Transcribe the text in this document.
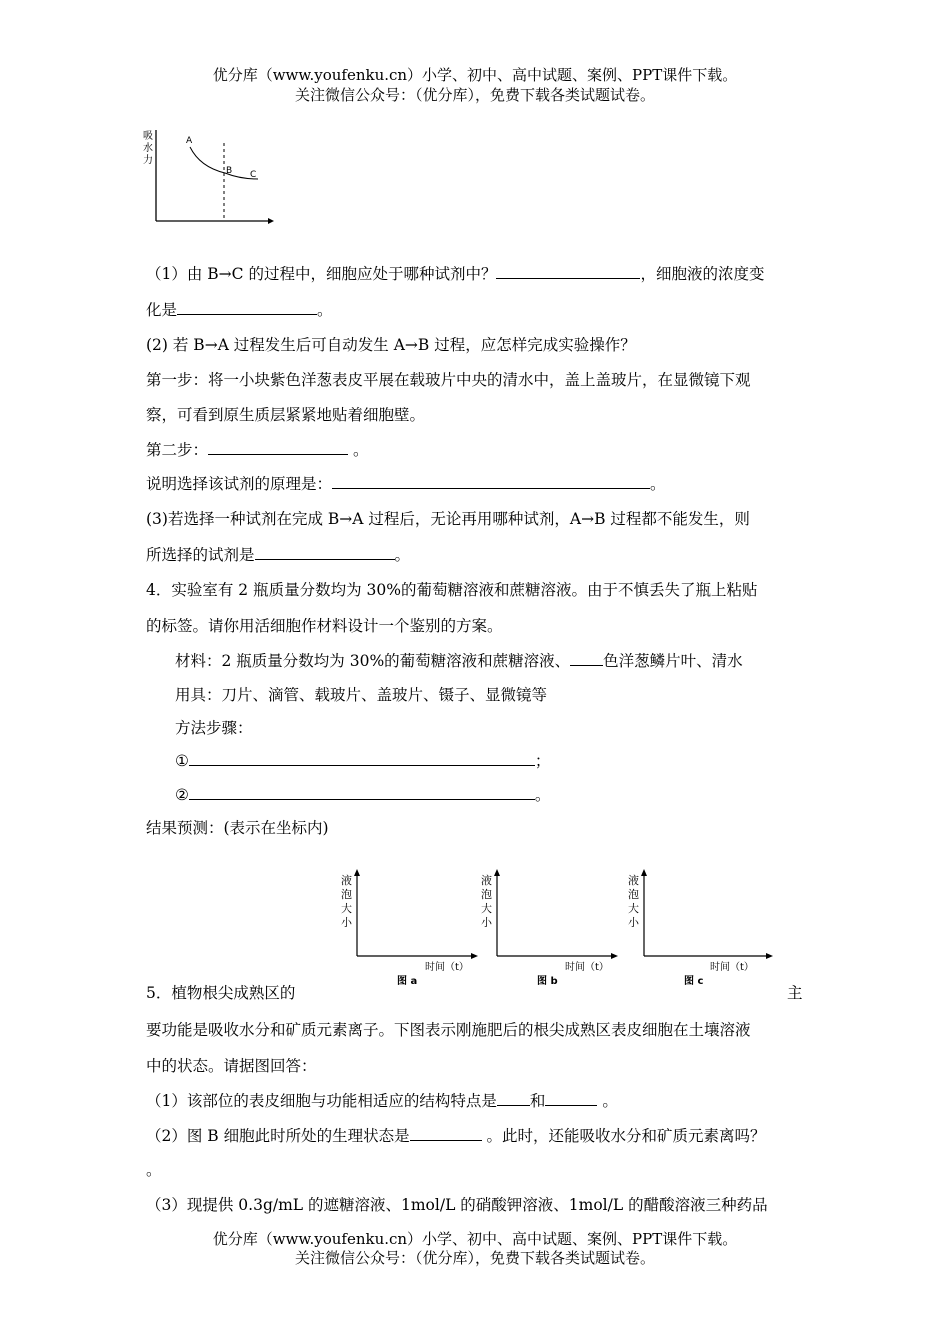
优分库（www.youfenku.cn）小学、初中、高中试题、案例、PPT课件下载。
关注微信公众号：（优分库），免费下载各类试题试卷。
吸
水
力
A
B C
（1）由 B→C 的过程中，细胞应处于哪种试剂中？	，细胞液的浓度变
化是	。
(2) 若 B→A 过程发生后可自动发生 A→B 过程，应怎样完成实验操作？
第一步：将一小块紫色洋葱表皮平展在载玻片中央的清水中，盖上盖玻片，在显微镜下观
察，可看到原生质层紧紧地贴着细胞壁。
第二步：	。
说明选择该试剂的原理是：	。
(3)若选择一种试剂在完成 B→A 过程后，无论再用哪种试剂，A→B 过程都不能发生，则
所选择的试剂是	。
4．实验室有 2 瓶质量分数均为 30%的葡萄糖溶液和蔗糖溶液。由于不慎丢失了瓶上粘贴
的标签。请你用活细胞作材料设计一个鉴别的方案。
材料：2 瓶质量分数均为 30%的葡萄糖溶液和蔗糖溶液、 色洋葱鳞片叶、清水
用具：刀片、滴管、载玻片、盖玻片、镊子、显微镜等
方法步骤：
①	；
②	。
结果预测：(表示在坐标内)
液
泡
大
小
时间（t）
图 a
液
泡
大
小
时间（t）
图 b
液
泡
大
小
时间（t）
图 c
5．植物根尖成熟区的	主
要功能是吸收水分和矿质元素离子。下图表示刚施肥后的根尖成熟区表皮细胞在土壤溶液
中的状态。请据图回答：
（1）该部位的表皮细胞与功能相适应的结构特点是 和	。
（2）图 B 细胞此时所处的生理状态是	。此时，还能吸收水分和矿质元素离吗？
。
（3）现提供 0.3g/mL 的遮糖溶液、1mol/L 的硝酸钾溶液、1mol/L 的醋酸溶液三种药品
优分库（www.youfenku.cn）小学、初中、高中试题、案例、PPT课件下载。
关注微信公众号：（优分库），免费下载各类试题试卷。
